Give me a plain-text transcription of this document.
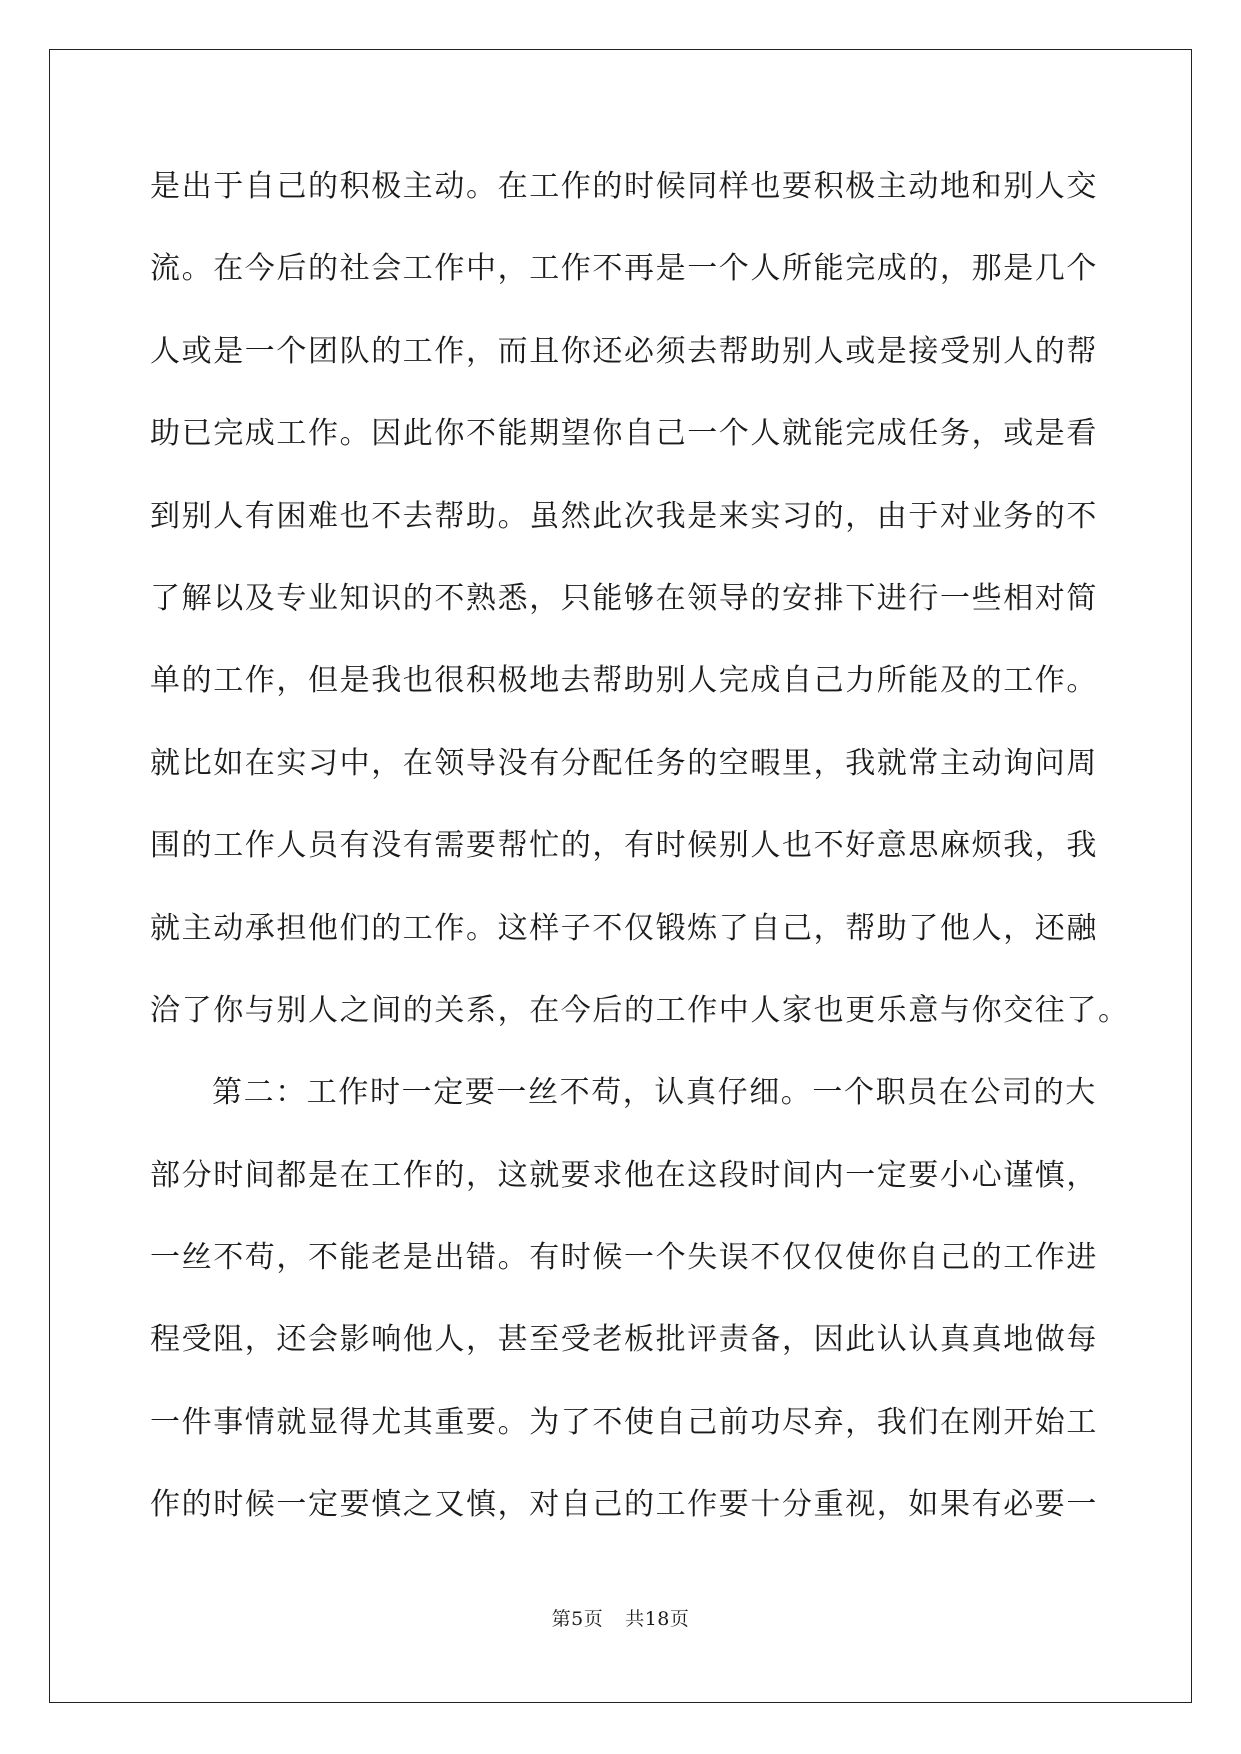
是出于自己的积极主动。在工作的时候同样也要积极主动地和别人交
流。在今后的社会工作中，工作不再是一个人所能完成的，那是几个
人或是一个团队的工作，而且你还必须去帮助别人或是接受别人的帮
助已完成工作。因此你不能期望你自己一个人就能完成任务，或是看
到别人有困难也不去帮助。虽然此次我是来实习的，由于对业务的不
了解以及专业知识的不熟悉，只能够在领导的安排下进行一些相对简
单的工作，但是我也很积极地去帮助别人完成自己力所能及的工作。
就比如在实习中，在领导没有分配任务的空暇里，我就常主动询问周
围的工作人员有没有需要帮忙的，有时候别人也不好意思麻烦我，我
就主动承担他们的工作。这样子不仅锻炼了自己，帮助了他人，还融
洽了你与别人之间的关系，在今后的工作中人家也更乐意与你交往了。
第二：工作时一定要一丝不苟，认真仔细。一个职员在公司的大
部分时间都是在工作的，这就要求他在这段时间内一定要小心谨慎，
一丝不苟，不能老是出错。有时候一个失误不仅仅使你自己的工作进
程受阻，还会影响他人，甚至受老板批评责备，因此认认真真地做每
一件事情就显得尤其重要。为了不使自己前功尽弃，我们在刚开始工
作的时候一定要慎之又慎，对自己的工作要十分重视，如果有必要一
第5页 共18页
